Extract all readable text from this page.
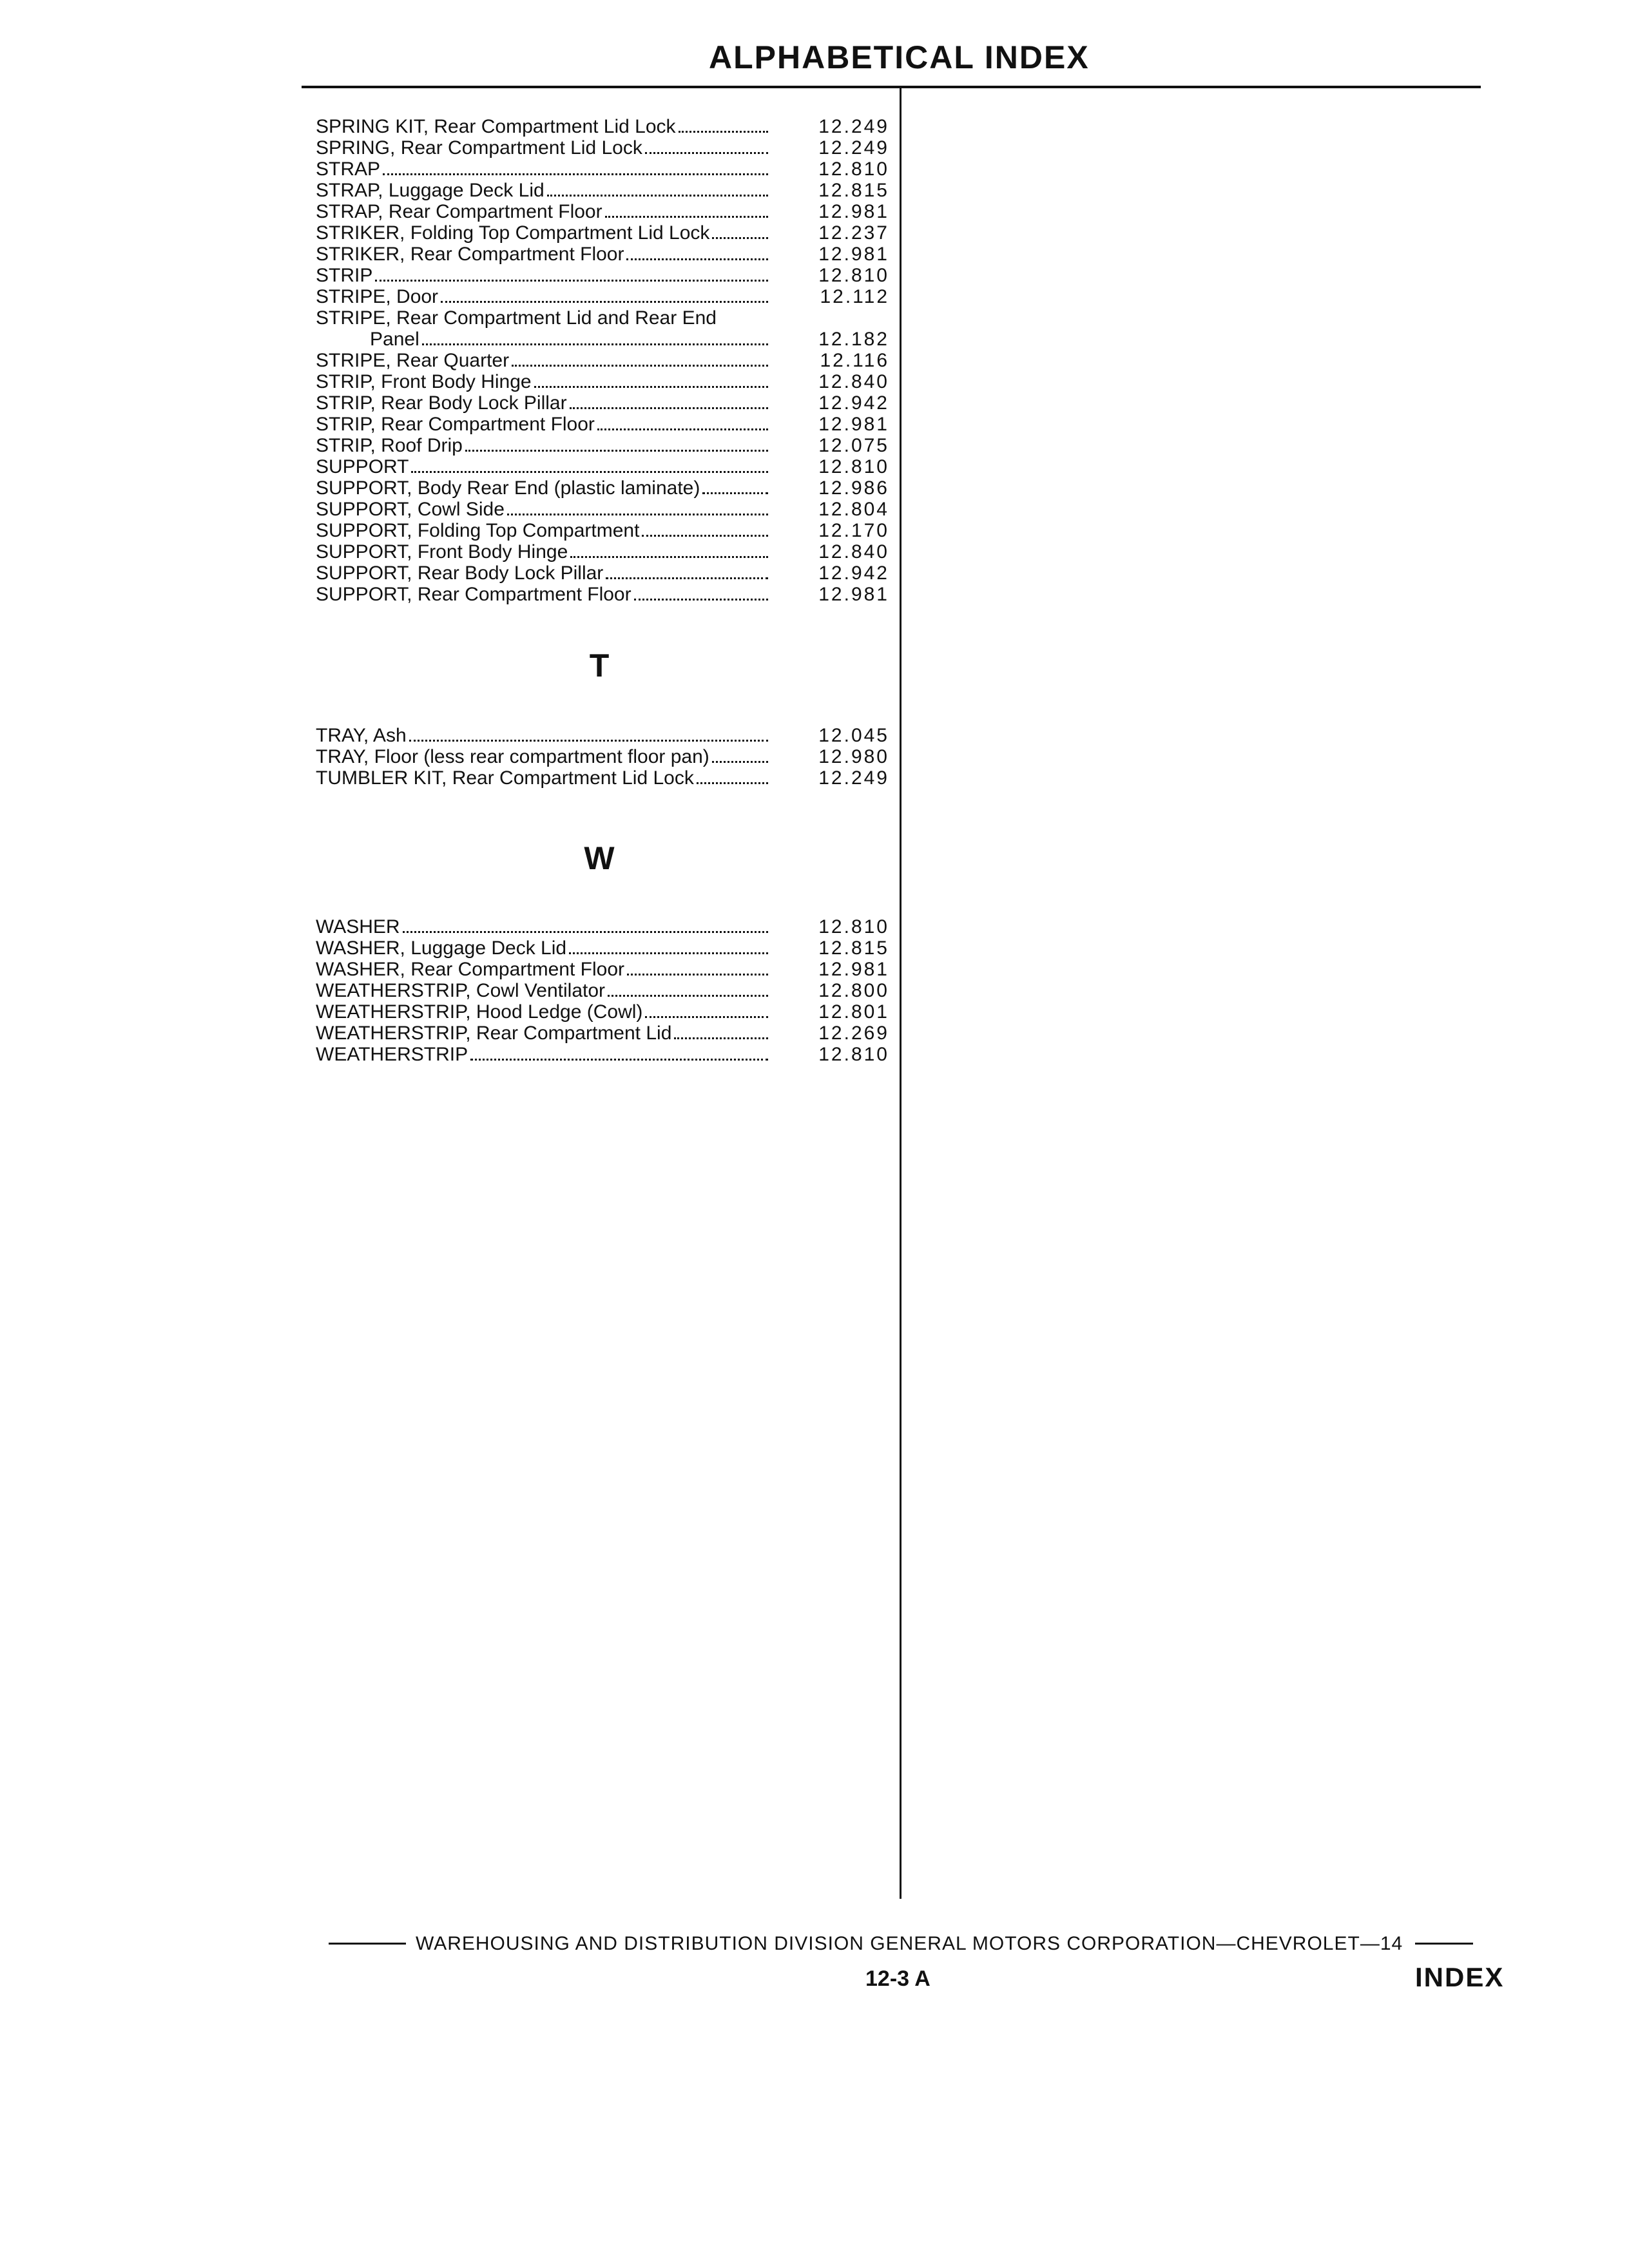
ALPHABETICAL INDEX
SPRING KIT, Rear Compartment Lid Lock	12.249
SPRING, Rear Compartment Lid Lock	12.249
STRAP	12.810
STRAP, Luggage Deck Lid	12.815
STRAP, Rear Compartment Floor	12.981
STRIKER, Folding Top Compartment Lid Lock	12.237
STRIKER, Rear Compartment Floor	12.981
STRIP	12.810
STRIPE, Door	12.112
STRIPE, Rear Compartment Lid and Rear End
Panel	12.182
STRIPE, Rear Quarter	12.116
STRIP, Front Body Hinge	12.840
STRIP, Rear Body Lock Pillar	12.942
STRIP, Rear Compartment Floor	12.981
STRIP, Roof Drip	12.075
SUPPORT	12.810
SUPPORT, Body Rear End (plastic laminate)	12.986
SUPPORT, Cowl Side	12.804
SUPPORT, Folding Top Compartment	12.170
SUPPORT, Front Body Hinge	12.840
SUPPORT, Rear Body Lock Pillar	12.942
SUPPORT, Rear Compartment Floor	12.981
T
TRAY, Ash	12.045
TRAY, Floor (less rear compartment floor pan)	12.980
TUMBLER KIT, Rear Compartment Lid Lock	12.249
W
WASHER	12.810
WASHER, Luggage Deck Lid	12.815
WASHER, Rear Compartment Floor	12.981
WEATHERSTRIP, Cowl Ventilator	12.800
WEATHERSTRIP, Hood Ledge (Cowl)	12.801
WEATHERSTRIP, Rear Compartment Lid	12.269
WEATHERSTRIP	12.810
WAREHOUSING AND DISTRIBUTION DIVISION GENERAL MOTORS CORPORATION—CHEVROLET—14
12-3 A	INDEX
